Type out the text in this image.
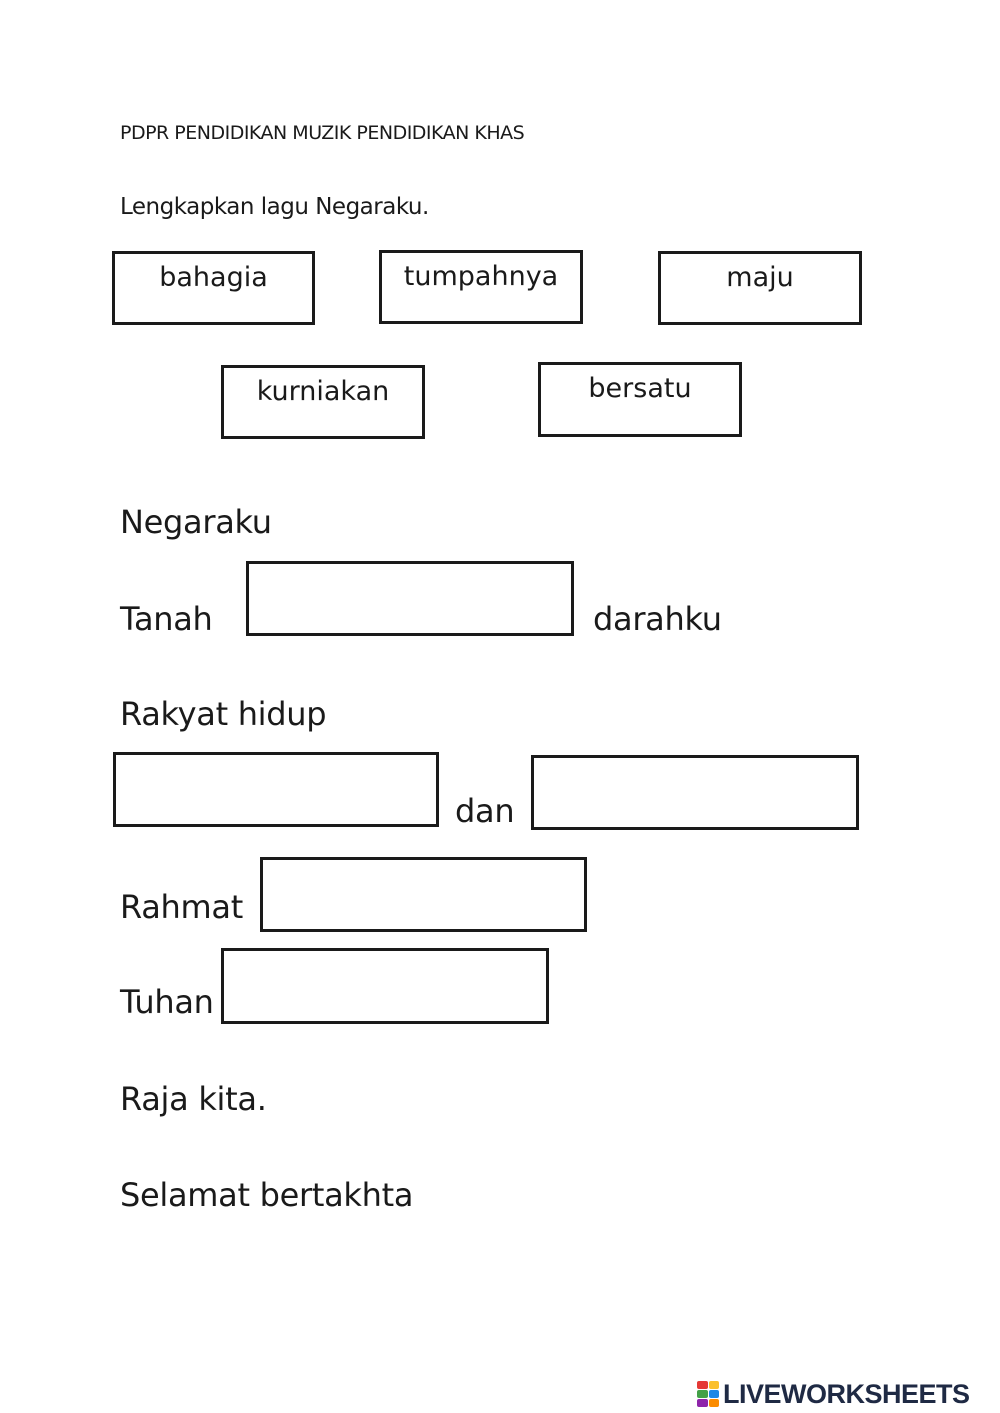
PDPR PENDIDIKAN MUZIK PENDIDIKAN KHAS
Lengkapkan lagu Negaraku.
bahagia	tumpahnya	maju
kurniakan	bersatu
Negaraku
Tanah	darahku
Rakyat hidup
dan
Rahmat
Tuhan
Raja kita.
Selamat bertakhta
LIVEWORKSHEETS
